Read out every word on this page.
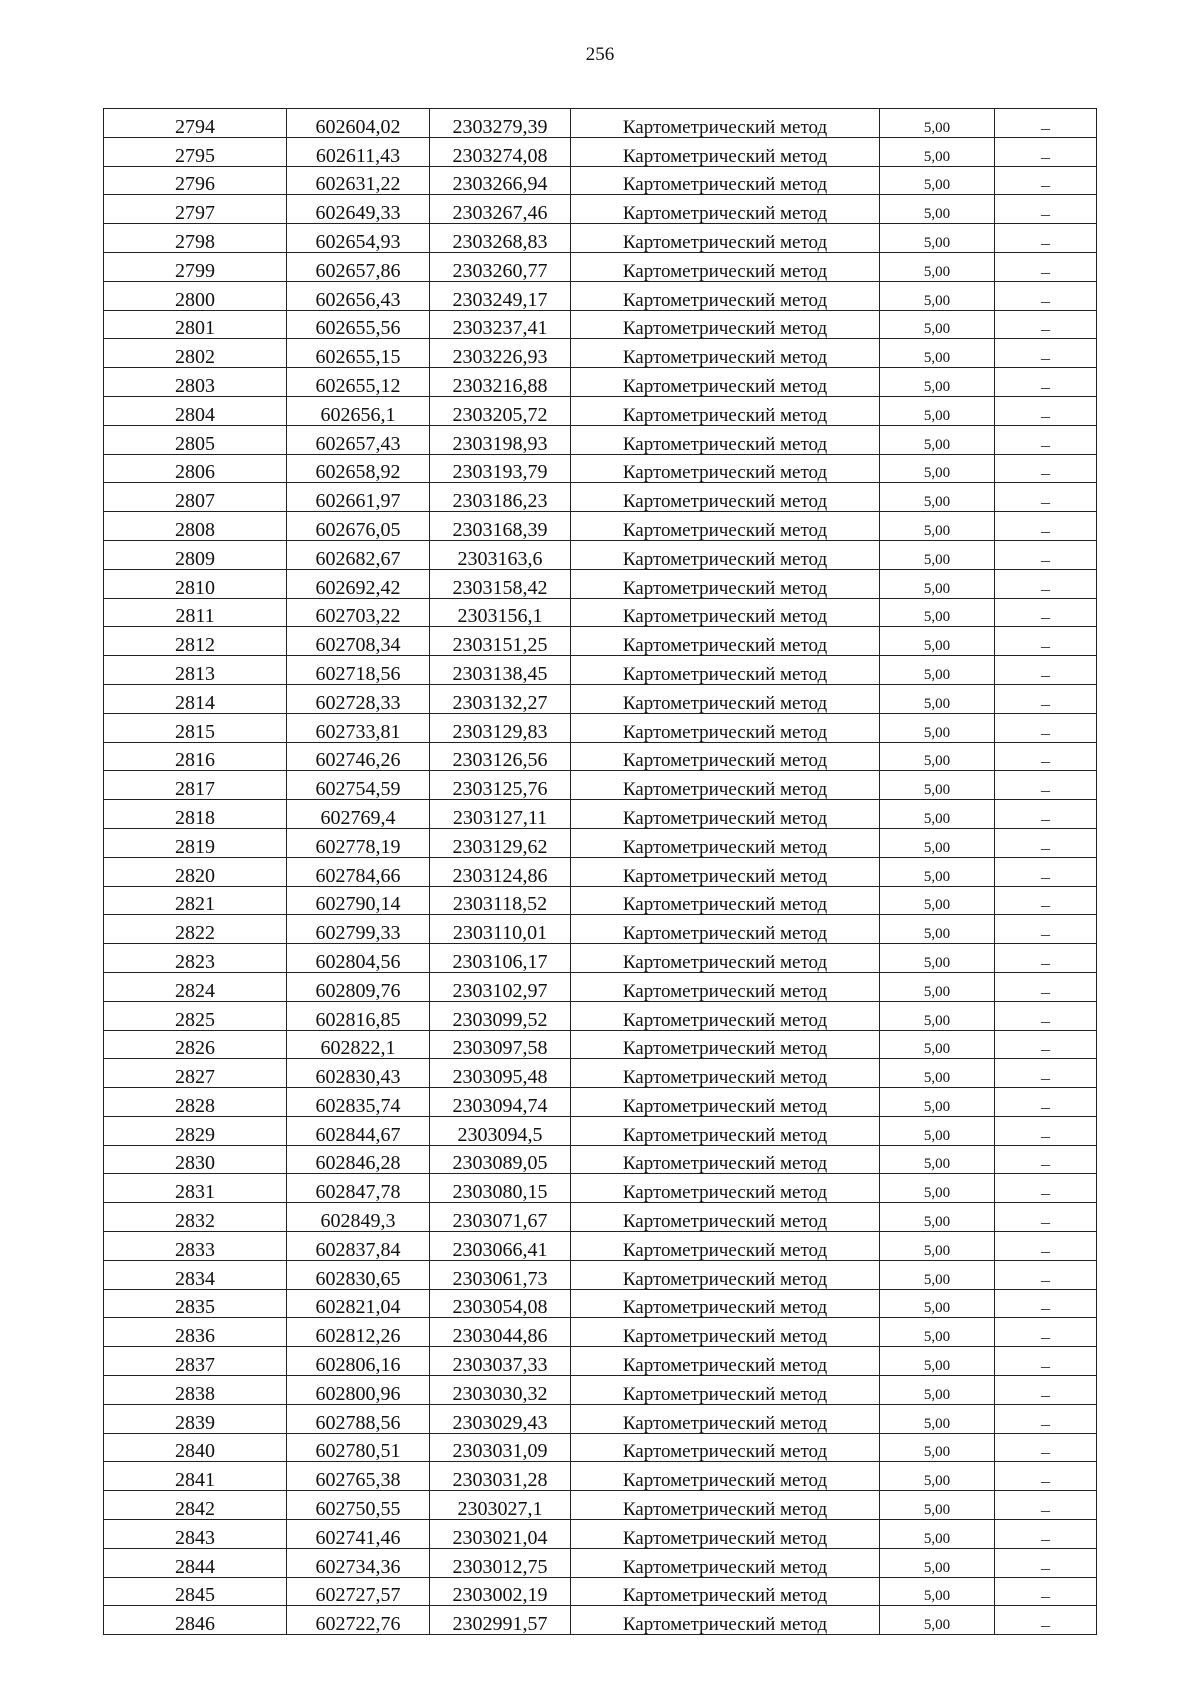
256
2794	602604,02	2303279,39	Картометрический метод	5,00	–
2795	602611,43	2303274,08	Картометрический метод	5,00	–
2796	602631,22	2303266,94	Картометрический метод	5,00	–
2797	602649,33	2303267,46	Картометрический метод	5,00	–
2798	602654,93	2303268,83	Картометрический метод	5,00	–
2799	602657,86	2303260,77	Картометрический метод	5,00	–
2800	602656,43	2303249,17	Картометрический метод	5,00	–
2801	602655,56	2303237,41	Картометрический метод	5,00	–
2802	602655,15	2303226,93	Картометрический метод	5,00	–
2803	602655,12	2303216,88	Картометрический метод	5,00	–
2804	602656,1	2303205,72	Картометрический метод	5,00	–
2805	602657,43	2303198,93	Картометрический метод	5,00	–
2806	602658,92	2303193,79	Картометрический метод	5,00	–
2807	602661,97	2303186,23	Картометрический метод	5,00	–
2808	602676,05	2303168,39	Картометрический метод	5,00	–
2809	602682,67	2303163,6	Картометрический метод	5,00	–
2810	602692,42	2303158,42	Картометрический метод	5,00	–
2811	602703,22	2303156,1	Картометрический метод	5,00	–
2812	602708,34	2303151,25	Картометрический метод	5,00	–
2813	602718,56	2303138,45	Картометрический метод	5,00	–
2814	602728,33	2303132,27	Картометрический метод	5,00	–
2815	602733,81	2303129,83	Картометрический метод	5,00	–
2816	602746,26	2303126,56	Картометрический метод	5,00	–
2817	602754,59	2303125,76	Картометрический метод	5,00	–
2818	602769,4	2303127,11	Картометрический метод	5,00	–
2819	602778,19	2303129,62	Картометрический метод	5,00	–
2820	602784,66	2303124,86	Картометрический метод	5,00	–
2821	602790,14	2303118,52	Картометрический метод	5,00	–
2822	602799,33	2303110,01	Картометрический метод	5,00	–
2823	602804,56	2303106,17	Картометрический метод	5,00	–
2824	602809,76	2303102,97	Картометрический метод	5,00	–
2825	602816,85	2303099,52	Картометрический метод	5,00	–
2826	602822,1	2303097,58	Картометрический метод	5,00	–
2827	602830,43	2303095,48	Картометрический метод	5,00	–
2828	602835,74	2303094,74	Картометрический метод	5,00	–
2829	602844,67	2303094,5	Картометрический метод	5,00	–
2830	602846,28	2303089,05	Картометрический метод	5,00	–
2831	602847,78	2303080,15	Картометрический метод	5,00	–
2832	602849,3	2303071,67	Картометрический метод	5,00	–
2833	602837,84	2303066,41	Картометрический метод	5,00	–
2834	602830,65	2303061,73	Картометрический метод	5,00	–
2835	602821,04	2303054,08	Картометрический метод	5,00	–
2836	602812,26	2303044,86	Картометрический метод	5,00	–
2837	602806,16	2303037,33	Картометрический метод	5,00	–
2838	602800,96	2303030,32	Картометрический метод	5,00	–
2839	602788,56	2303029,43	Картометрический метод	5,00	–
2840	602780,51	2303031,09	Картометрический метод	5,00	–
2841	602765,38	2303031,28	Картометрический метод	5,00	–
2842	602750,55	2303027,1	Картометрический метод	5,00	–
2843	602741,46	2303021,04	Картометрический метод	5,00	–
2844	602734,36	2303012,75	Картометрический метод	5,00	–
2845	602727,57	2303002,19	Картометрический метод	5,00	–
2846	602722,76	2302991,57	Картометрический метод	5,00	–
